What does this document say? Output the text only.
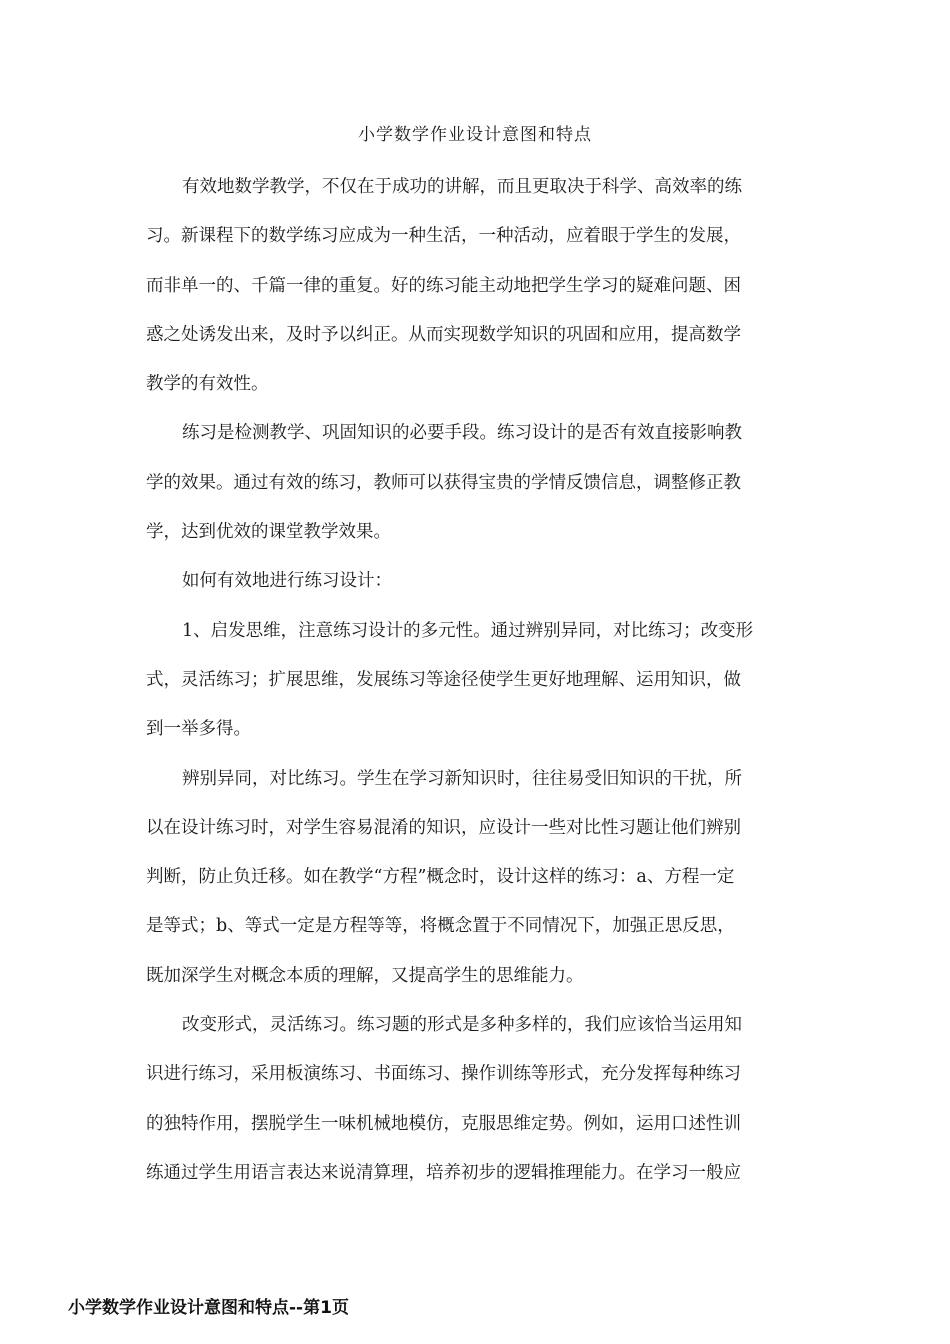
小学数学作业设计意图和特点
有效地数学教学，不仅在于成功的讲解，而且更取决于科学、高效率的练
习。新课程下的数学练习应成为一种生活，一种活动，应着眼于学生的发展，
而非单一的、千篇一律的重复。好的练习能主动地把学生学习的疑难问题、困
惑之处诱发出来，及时予以纠正。从而实现数学知识的巩固和应用，提高数学
教学的有效性。
练习是检测教学、巩固知识的必要手段。练习设计的是否有效直接影响教
学的效果。通过有效的练习，教师可以获得宝贵的学情反馈信息，调整修正教
学，达到优效的课堂教学效果。
如何有效地进行练习设计：
1、启发思维，注意练习设计的多元性。通过辨别异同，对比练习；改变形
式，灵活练习；扩展思维，发展练习等途径使学生更好地理解、运用知识，做
到一举多得。
辨别异同，对比练习。学生在学习新知识时，往往易受旧知识的干扰，所
以在设计练习时，对学生容易混淆的知识，应设计一些对比性习题让他们辨别
判断，防止负迁移。如在教学“方程”概念时，设计这样的练习：a、方程一定
是等式；b、等式一定是方程等等，将概念置于不同情况下，加强正思反思，
既加深学生对概念本质的理解，又提高学生的思维能力。
改变形式，灵活练习。练习题的形式是多种多样的，我们应该恰当运用知
识进行练习，采用板演练习、书面练习、操作训练等形式，充分发挥每种练习
的独特作用，摆脱学生一味机械地模仿，克服思维定势。例如，运用口述性训
练通过学生用语言表达来说清算理，培养初步的逻辑推理能力。在学习一般应
小学数学作业设计意图和特点--第1页
